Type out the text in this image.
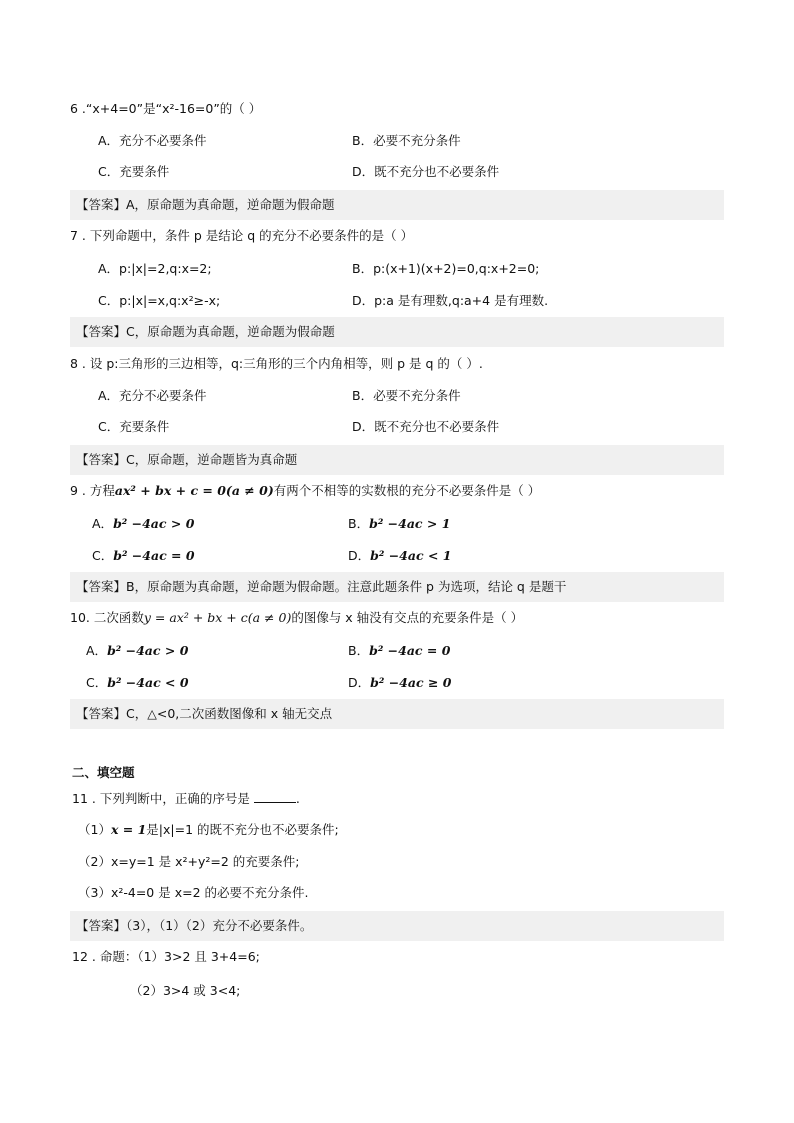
6 .“x+4=0”是“x²-16=0”的（ ）
A．充分不必要条件	B．必要不充分条件
C．充要条件	D．既不充分也不必要条件
【答案】A，原命题为真命题，逆命题为假命题
7 . 下列命题中，条件 p 是结论 q 的充分不必要条件的是（ ）
A．p:|x|=2,q:x=2;	B．p:(x+1)(x+2)=0,q:x+2=0;
C．p:|x|=x,q:x²≥-x;	D．p:a 是有理数,q:a+4 是有理数.
【答案】C，原命题为真命题，逆命题为假命题
8 . 设 p:三角形的三边相等，q:三角形的三个内角相等，则 p 是 q 的（ ）.
A．充分不必要条件	B．必要不充分条件
C．充要条件	D．既不充分也不必要条件
【答案】C，原命题，逆命题皆为真命题
9 . 方程ax² + bx + c = 0(a ≠ 0)有两个不相等的实数根的充分不必要条件是（ ）
A．b² −4ac > 0	B．b² −4ac > 1
C．b² −4ac = 0	D．b² −4ac < 1
【答案】B，原命题为真命题，逆命题为假命题。注意此题条件 p 为选项，结论 q 是题干
10. 二次函数y = ax² + bx + c(a ≠ 0)的图像与 x 轴没有交点的充要条件是（ ）
A．b² −4ac > 0	B．b² −4ac = 0
C．b² −4ac < 0	D．b² −4ac ≥ 0
【答案】C，△<0,二次函数图像和 x 轴无交点
二、填空题
11 . 下列判断中，正确的序号是	.
（1）x = 1是|x|=1 的既不充分也不必要条件;
（2）x=y=1 是 x²+y²=2 的充要条件;
（3）x²-4=0 是 x=2 的必要不充分条件.
【答案】（3），（1）（2）充分不必要条件。
12 . 命题：（1）3>2 且 3+4=6;
（2）3>4 或 3<4;
